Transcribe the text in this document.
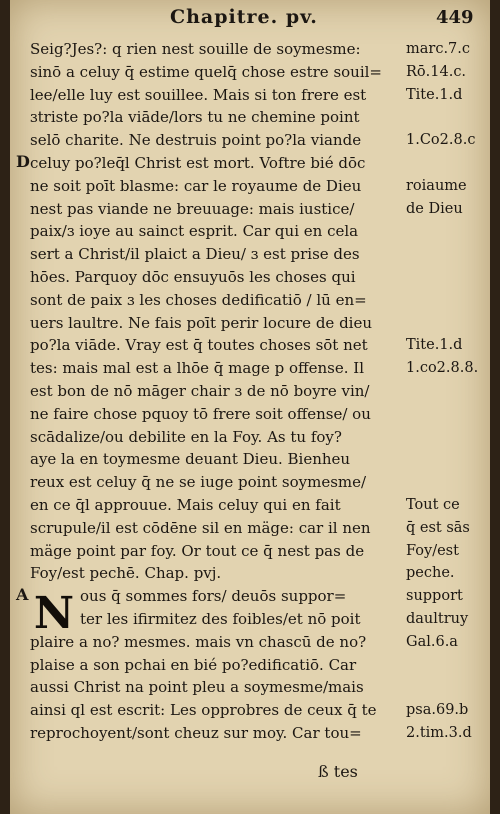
Chapitre. pv.	449
Seig?Jes?: q rien nest souille de soymesme:
sinō a celuy q̄ estime quelq̄ chose estre souil=
lee/elle luy est souillee. Mais si ton frere est
ɜtriste po?la viāde/lors tu ne chemine point
selō charite. Ne destruis point po?la viande
celuy po?leq̄l Christ est mort. Voftre bié dōc
ne soit poīt blasme: car le royaume de Dieu
nest pas viande ne breuuage: mais iustice/
paix/ɜ ioye au sainct esprit. Car qui en cela
sert a Christ/il plaict a Dieu/ ɜ est prise des
hōes. Parquoy dōc ensuyuōs les choses qui
sont de paix ɜ les choses dedificatiō / lū en=
uers laultre. Ne fais poīt perir locure de dieu
po?la viāde. Vray est q̄ toutes choses sōt net
tes: mais mal est a lhōe q̄ mage p offense. Il
est bon de nō māger chair ɜ de nō boyre vin/
ne faire chose pquoy tō frere soit offense/ ou
scādalize/ou debilite en la Foy. As tu foy?
aye la en toymesme deuant Dieu. Bienheu
reux est celuy q̄ ne se iuge point soymesme/
en ce q̄l approuue. Mais celuy qui en fait
scrupule/il est cōdēne sil en mäge: car il nen
mäge point par foy. Or tout ce q̄ nest pas de
Foy/est pechē. Chap. pvj.
ous q̄ sommes fors/ deuōs suppor=
ter les ifirmitez des foibles/et nō poit
plaire a no? mesmes. mais vn chascū de no?
plaise a son pchai en bié po?edificatiō. Car
aussi Christ na point pleu a soymesme/mais
ainsi ql est escrit: Les opprobres de ceux q̄ te
reprochoyent/sont cheuz sur moy. Car tou=
marc.7.c
Rō.14.c.
Tite.1.d
1.Co2.8.c
roiaume
de Dieu
Tite.1.d
1.co2.8.8.
Tout ce
q̄ est sās
Foy/est
peche.
support
daultruy
Gal.6.a
psa.69.b
2.tim.3.d
D
A N
ß tes
